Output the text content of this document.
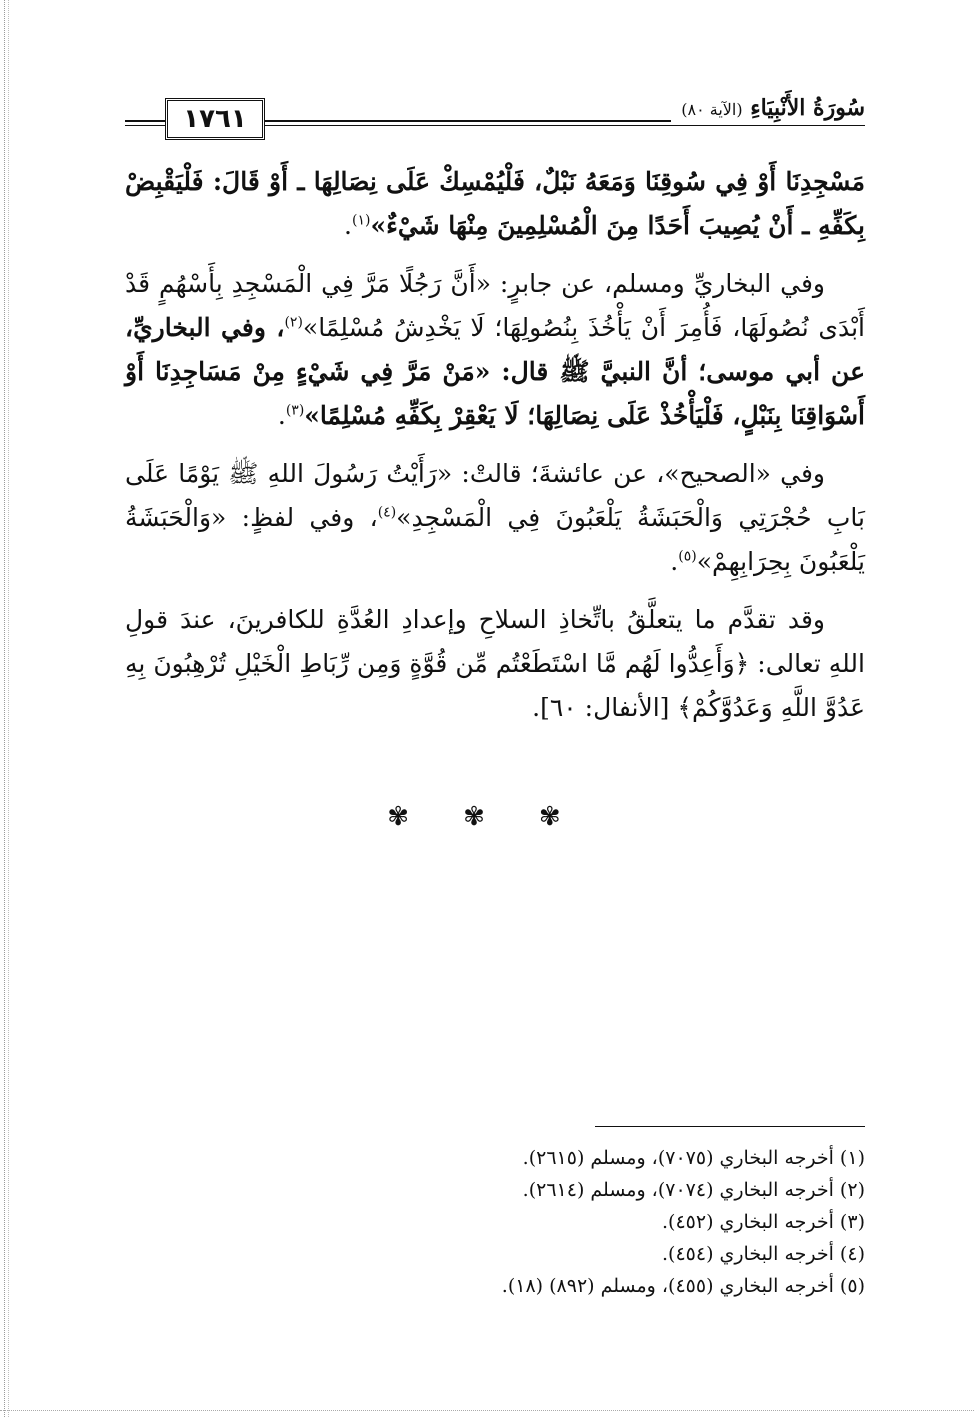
١٧٦١	سُورَةُ الأَنْبِيَاءِ (الآية ٨٠)

مَسْجِدِنَا أَوْ فِي سُوقِنَا وَمَعَهُ نَبْلٌ، فَلْيُمْسِكْ عَلَى نِصَالِهَا ـ أَوْ قَالَ: فَلْيَقْبِضْ بِكَفِّهِ ـ أَنْ يُصِيبَ أَحَدًا مِنَ الْمُسْلِمِينَ مِنْهَا شَيْءٌ»$^{(١)}$.

وفي البخاريِّ ومسلم، عن جابرٍ: «أَنَّ رَجُلًا مَرَّ فِي الْمَسْجِدِ بِأَسْهُمٍ قَدْ أَبْدَى نُصُولَهَا، فَأُمِرَ أَنْ يَأْخُذَ بِنُصُولِهَا؛ لَا يَخْدِشُ مُسْلِمًا»$^{(٢)}$، وفي البخاريِّ، عن أبي موسى؛ أنَّ النبيَّ ﷺ قال: «مَنْ مَرَّ فِي شَيْءٍ مِنْ مَسَاجِدِنَا أَوْ أَسْوَاقِنَا بِنَبْلٍ، فَلْيَأْخُذْ عَلَى نِصَالِهَا؛ لَا يَعْقِرْ بِكَفِّهِ مُسْلِمًا»$^{(٣)}$.

وفي «الصحيح»، عن عائشةَ؛ قالتْ: «رَأَيْتُ رَسُولَ اللهِ ﷺ يَوْمًا عَلَى بَابِ حُجْرَتِي وَالْحَبَشَةُ يَلْعَبُونَ فِي الْمَسْجِدِ»$^{(٤)}$، وفي لفظٍ: «وَالْحَبَشَةُ يَلْعَبُونَ بِحِرَابِهِمْ»$^{(٥)}$.

وقد تقدَّم ما يتعلَّقُ باتِّخاذِ السلاحِ وإعدادِ العُدَّةِ للكافرينَ، عندَ قولِ اللهِ تعالى: ﴿وَأَعِدُّوا لَهُم مَّا اسْتَطَعْتُم مِّن قُوَّةٍ وَمِن رِّبَاطِ الْخَيْلِ تُرْهِبُونَ بِهِ عَدُوَّ اللَّهِ وَعَدُوَّكُمْ﴾ [الأنفال: ٦٠].

✾ ✾ ✾
(١) أخرجه البخاري (٧٠٧٥)، ومسلم (٢٦١٥).
(٢) أخرجه البخاري (٧٠٧٤)، ومسلم (٢٦١٤).
(٣) أخرجه البخاري (٤٥٢).
(٤) أخرجه البخاري (٤٥٤).
(٥) أخرجه البخاري (٤٥٥)، ومسلم (٨٩٢) (١٨).
